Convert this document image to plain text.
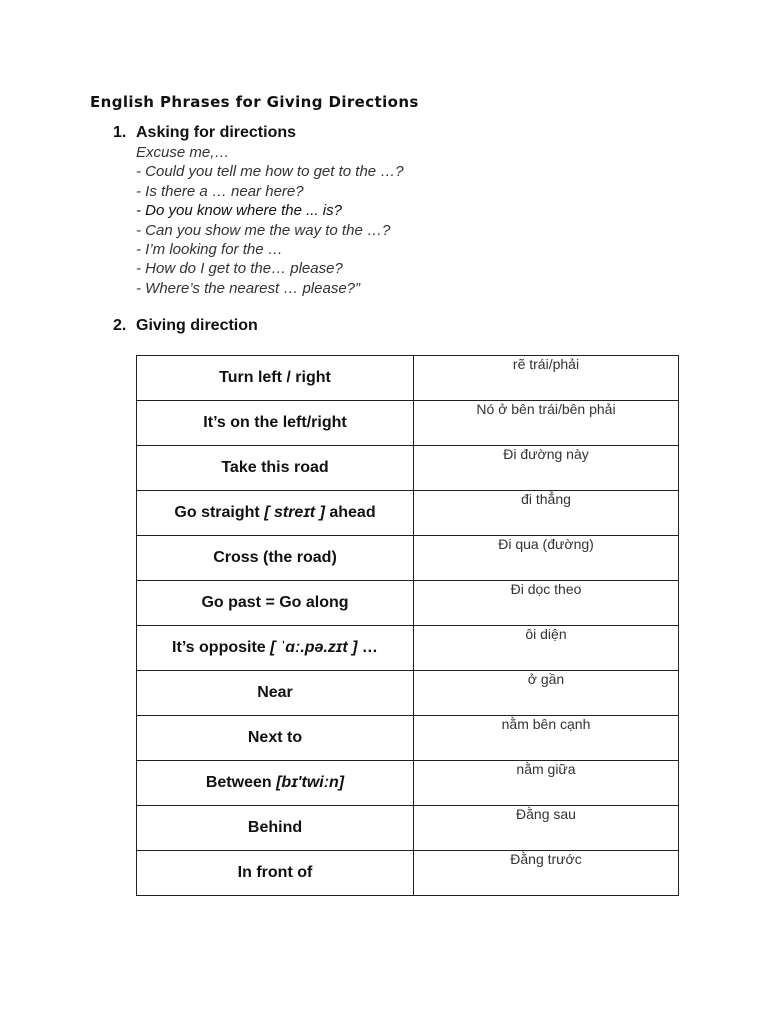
English Phrases for Giving Directions
1. Asking for directions
Excuse me,…
- Could you tell me how to get to the …?
- Is there a … near here?
- Do you know where the ... is?
- Can you show me the way to the …?
- I’m looking for the …
- How do I get to the… please?
- Where’s the nearest … please?”
2. Giving direction
Turn left / right	rẽ trái/phải
It’s on the left/right	Nó ở bên trái/bên phải
Take this road	Đi đường này
Go straight [ streɪt ] ahead	đi thẳng
Cross (the road)	Đi qua (đường)
Go past = Go along	Đi dọc theo
It’s opposite [ ˈɑː.pə.zɪt ] …	ôi diện
Near	ở gần
Next to	nằm bên cạnh
Between [bɪ'twiːn]	nằm giữa
Behind	Đằng sau
In front of	Đằng trước
